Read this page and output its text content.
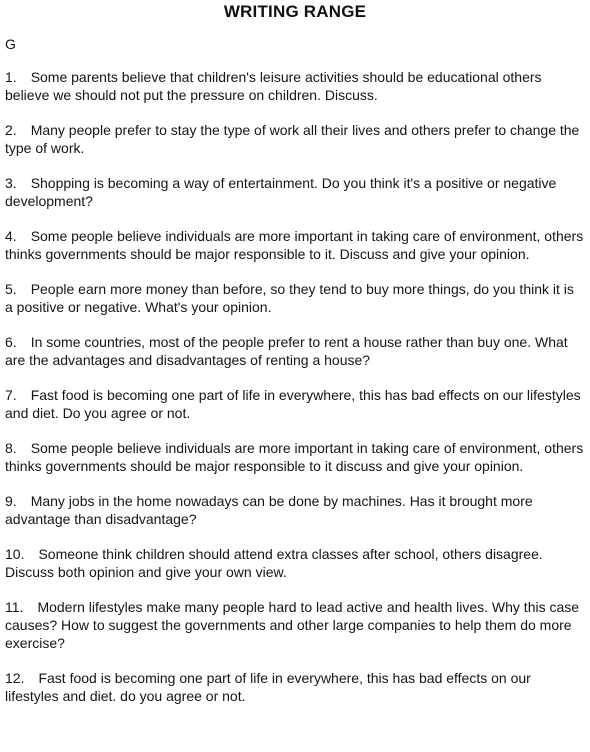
WRITING RANGE
G
1. Some parents believe that children's leisure activities should be educational others believe we should not put the pressure on children. Discuss.
2. Many people prefer to stay the type of work all their lives and others prefer to change the type of work.
3. Shopping is becoming a way of entertainment. Do you think it's a positive or negative development?
4. Some people believe individuals are more important in taking care of environment, others thinks governments should be major responsible to it. Discuss and give your opinion.
5. People earn more money than before, so they tend to buy more things, do you think it is a positive or negative. What's your opinion.
6. In some countries, most of the people prefer to rent a house rather than buy one. What are the advantages and disadvantages of renting a house?
7. Fast food is becoming one part of life in everywhere, this has bad effects on our lifestyles and diet. Do you agree or not.
8. Some people believe individuals are more important in taking care of environment, others thinks governments should be major responsible to it discuss and give your opinion.
9. Many jobs in the home nowadays can be done by machines. Has it brought more advantage than disadvantage?
10. Someone think children should attend extra classes after school, others disagree. Discuss both opinion and give your own view.
11. Modern lifestyles make many people hard to lead active and health lives. Why this case causes? How to suggest the governments and other large companies to help them do more exercise?
12. Fast food is becoming one part of life in everywhere, this has bad effects on our lifestyles and diet. do you agree or not.
